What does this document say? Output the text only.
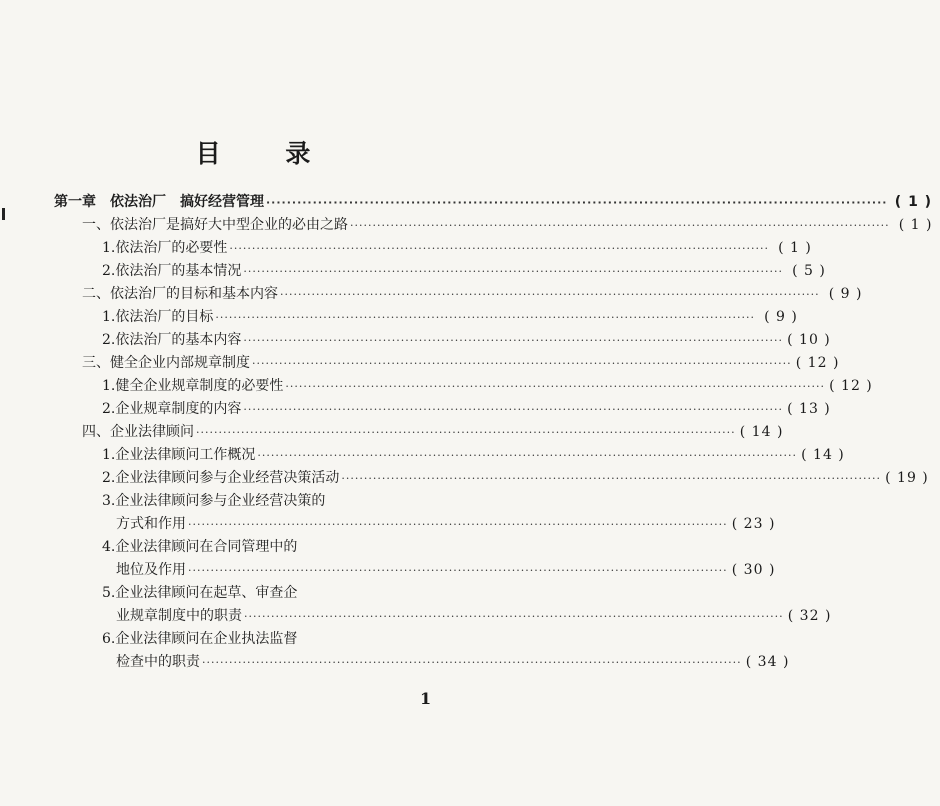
目 录
第一章　依法治厂　搞好经营管理 ························································································································ ( 1 )
一、依法治厂是搞好大中型企业的必由之路 ························································································································ ( 1 )
1.依法治厂的必要性 ························································································································ ( 1 )
2.依法治厂的基本情况 ························································································································ ( 5 )
二、依法治厂的目标和基本内容 ························································································································ ( 9 )
1.依法治厂的目标 ························································································································ ( 9 )
2.依法治厂的基本内容 ························································································································ ( 10 )
三、健全企业内部规章制度 ························································································································ ( 12 )
1.健全企业规章制度的必要性 ························································································································ ( 12 )
2.企业规章制度的内容 ························································································································ ( 13 )
四、企业法律顾问 ························································································································ ( 14 )
1.企业法律顾问工作概况 ························································································································ ( 14 )
2.企业法律顾问参与企业经营决策活动 ························································································································ ( 19 )
3.企业法律顾问参与企业经营决策的
方式和作用 ························································································································ ( 23 )
4.企业法律顾问在合同管理中的
地位及作用 ························································································································ ( 30 )
5.企业法律顾问在起草、审查企
业规章制度中的职责 ························································································································ ( 32 )
6.企业法律顾问在企业执法监督
检查中的职责 ························································································································ ( 34 )
1
